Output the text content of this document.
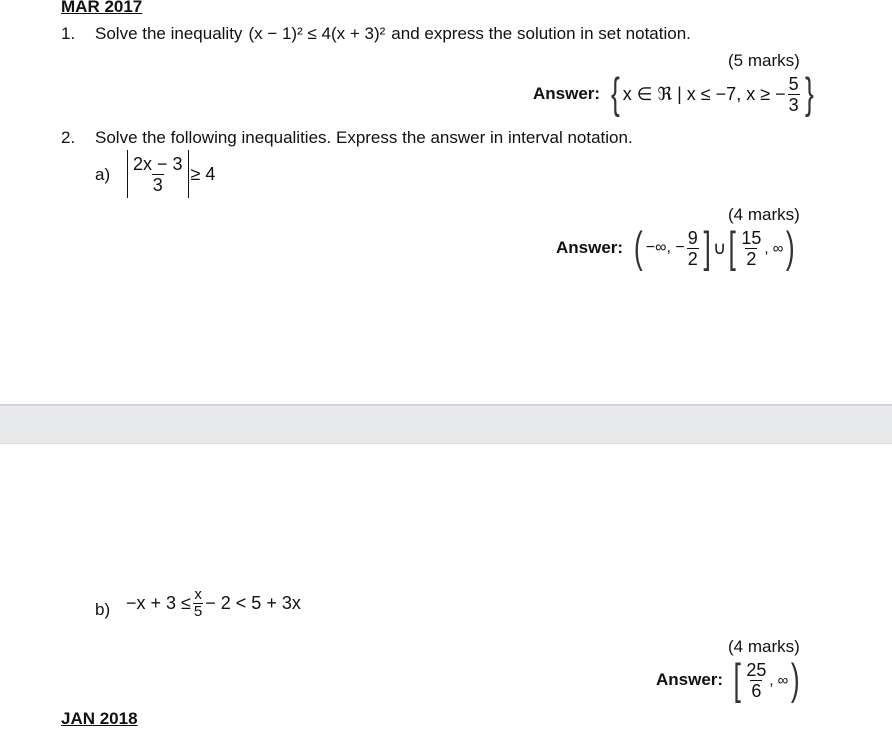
MAR 2017
1. Solve the inequality (x − 1)² ≤ 4(x + 3)² and express the solution in set notation.
(5 marks)
Answer: { x ∈ ℜ | x ≤ −7, x ≥ − $\frac{5}{3}$ }
2. Solve the following inequalities. Express the answer in interval notation.
$a) \frac{2x - 3}{3} \ge 4$
(4 marks)
Answer: ( −∞, − $\frac{9}{2}$ ] ∪ [ $\frac{15}{2}$ , ∞ )
$b) -x + 3 \le \frac{x}{5} - 2 < 5 + 3x$
(4 marks)
Answer: [ $\frac{25}{6}$ , ∞ )
JAN 2018
